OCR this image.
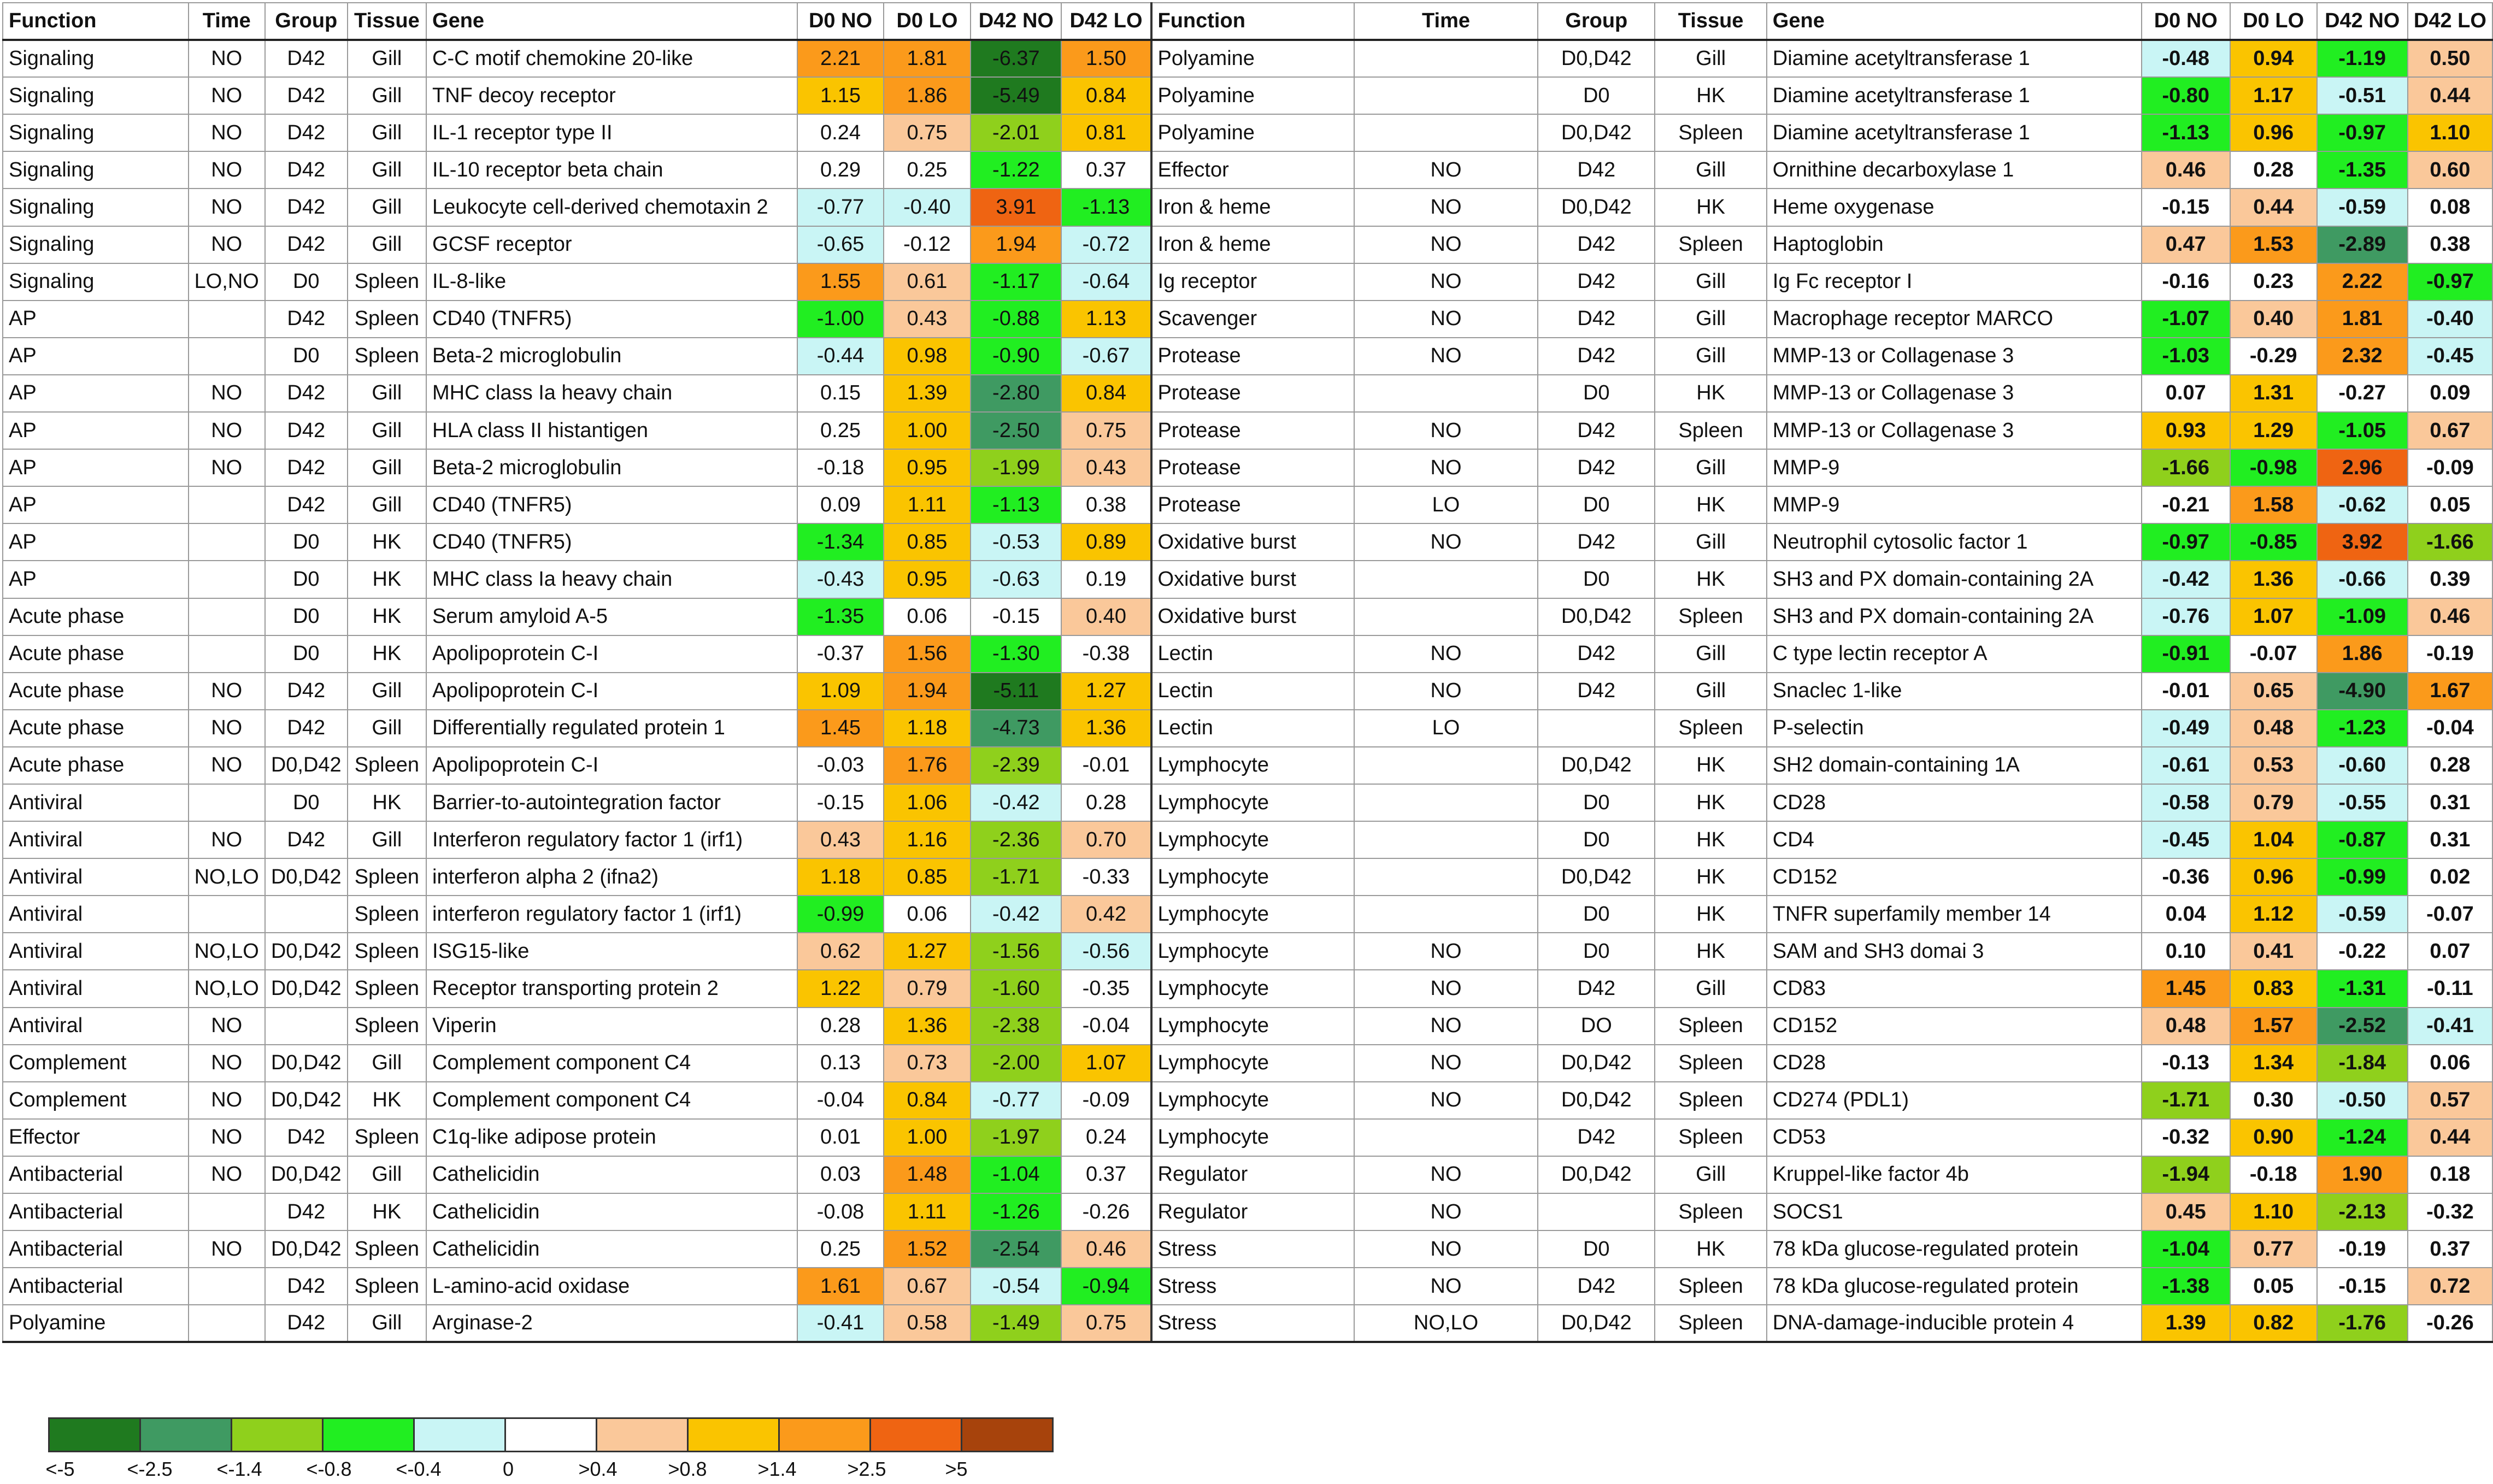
Function	Time	Group	Tissue	Gene	D0 NO	D0 LO	D42 NO	D42 LO	Function	Time	Group	Tissue	Gene	D0 NO	D0 LO	D42 NO	D42 LO
Signaling	NO	D42	Gill	C-C motif chemokine 20-like	2.21	1.81	-6.37	1.50	Polyamine		D0,D42	Gill	Diamine acetyltransferase 1	-0.48	0.94	-1.19	0.50
Signaling	NO	D42	Gill	TNF decoy receptor	1.15	1.86	-5.49	0.84	Polyamine		D0	HK	Diamine acetyltransferase 1	-0.80	1.17	-0.51	0.44
Signaling	NO	D42	Gill	IL-1 receptor type II	0.24	0.75	-2.01	0.81	Polyamine		D0,D42	Spleen	Diamine acetyltransferase 1	-1.13	0.96	-0.97	1.10
Signaling	NO	D42	Gill	IL-10 receptor beta chain	0.29	0.25	-1.22	0.37	Effector	NO	D42	Gill	Ornithine decarboxylase 1	0.46	0.28	-1.35	0.60
Signaling	NO	D42	Gill	Leukocyte cell-derived chemotaxin 2	-0.77	-0.40	3.91	-1.13	Iron & heme	NO	D0,D42	HK	Heme oxygenase	-0.15	0.44	-0.59	0.08
Signaling	NO	D42	Gill	GCSF receptor	-0.65	-0.12	1.94	-0.72	Iron & heme	NO	D42	Spleen	Haptoglobin	0.47	1.53	-2.89	0.38
Signaling	LO,NO	D0	Spleen	IL-8-like	1.55	0.61	-1.17	-0.64	Ig receptor	NO	D42	Gill	Ig Fc receptor I	-0.16	0.23	2.22	-0.97
AP		D42	Spleen	CD40 (TNFR5)	-1.00	0.43	-0.88	1.13	Scavenger	NO	D42	Gill	Macrophage receptor MARCO	-1.07	0.40	1.81	-0.40
AP		D0	Spleen	Beta-2 microglobulin	-0.44	0.98	-0.90	-0.67	Protease	NO	D42	Gill	MMP-13 or Collagenase 3	-1.03	-0.29	2.32	-0.45
AP	NO	D42	Gill	MHC class Ia heavy chain	0.15	1.39	-2.80	0.84	Protease		D0	HK	MMP-13 or Collagenase 3	0.07	1.31	-0.27	0.09
AP	NO	D42	Gill	HLA class II histantigen	0.25	1.00	-2.50	0.75	Protease	NO	D42	Spleen	MMP-13 or Collagenase 3	0.93	1.29	-1.05	0.67
AP	NO	D42	Gill	Beta-2 microglobulin	-0.18	0.95	-1.99	0.43	Protease	NO	D42	Gill	MMP-9	-1.66	-0.98	2.96	-0.09
AP		D42	Gill	CD40 (TNFR5)	0.09	1.11	-1.13	0.38	Protease	LO	D0	HK	MMP-9	-0.21	1.58	-0.62	0.05
AP		D0	HK	CD40 (TNFR5)	-1.34	0.85	-0.53	0.89	Oxidative burst	NO	D42	Gill	Neutrophil cytosolic factor 1	-0.97	-0.85	3.92	-1.66
AP		D0	HK	MHC class Ia heavy chain	-0.43	0.95	-0.63	0.19	Oxidative burst		D0	HK	SH3 and PX domain-containing 2A	-0.42	1.36	-0.66	0.39
Acute phase		D0	HK	Serum amyloid A-5	-1.35	0.06	-0.15	0.40	Oxidative burst		D0,D42	Spleen	SH3 and PX domain-containing 2A	-0.76	1.07	-1.09	0.46
Acute phase		D0	HK	Apolipoprotein C-I	-0.37	1.56	-1.30	-0.38	Lectin	NO	D42	Gill	C type lectin receptor A	-0.91	-0.07	1.86	-0.19
Acute phase	NO	D42	Gill	Apolipoprotein C-I	1.09	1.94	-5.11	1.27	Lectin	NO	D42	Gill	Snaclec 1-like	-0.01	0.65	-4.90	1.67
Acute phase	NO	D42	Gill	Differentially regulated protein 1	1.45	1.18	-4.73	1.36	Lectin	LO		Spleen	P-selectin	-0.49	0.48	-1.23	-0.04
Acute phase	NO	D0,D42	Spleen	Apolipoprotein C-I	-0.03	1.76	-2.39	-0.01	Lymphocyte		D0,D42	HK	SH2 domain-containing 1A	-0.61	0.53	-0.60	0.28
Antiviral		D0	HK	Barrier-to-autointegration factor	-0.15	1.06	-0.42	0.28	Lymphocyte		D0	HK	CD28	-0.58	0.79	-0.55	0.31
Antiviral	NO	D42	Gill	Interferon regulatory factor 1 (irf1)	0.43	1.16	-2.36	0.70	Lymphocyte		D0	HK	CD4	-0.45	1.04	-0.87	0.31
Antiviral	NO,LO	D0,D42	Spleen	interferon alpha 2 (ifna2)	1.18	0.85	-1.71	-0.33	Lymphocyte		D0,D42	HK	CD152	-0.36	0.96	-0.99	0.02
Antiviral			Spleen	interferon regulatory factor 1 (irf1)	-0.99	0.06	-0.42	0.42	Lymphocyte		D0	HK	TNFR superfamily member 14	0.04	1.12	-0.59	-0.07
Antiviral	NO,LO	D0,D42	Spleen	ISG15-like	0.62	1.27	-1.56	-0.56	Lymphocyte	NO	D0	HK	SAM and SH3 domai 3	0.10	0.41	-0.22	0.07
Antiviral	NO,LO	D0,D42	Spleen	Receptor transporting protein 2	1.22	0.79	-1.60	-0.35	Lymphocyte	NO	D42	Gill	CD83	1.45	0.83	-1.31	-0.11
Antiviral	NO		Spleen	Viperin	0.28	1.36	-2.38	-0.04	Lymphocyte	NO	DO	Spleen	CD152	0.48	1.57	-2.52	-0.41
Complement	NO	D0,D42	Gill	Complement component C4	0.13	0.73	-2.00	1.07	Lymphocyte	NO	D0,D42	Spleen	CD28	-0.13	1.34	-1.84	0.06
Complement	NO	D0,D42	HK	Complement component C4	-0.04	0.84	-0.77	-0.09	Lymphocyte	NO	D0,D42	Spleen	CD274 (PDL1)	-1.71	0.30	-0.50	0.57
Effector	NO	D42	Spleen	C1q-like adipose protein	0.01	1.00	-1.97	0.24	Lymphocyte		D42	Spleen	CD53	-0.32	0.90	-1.24	0.44
Antibacterial	NO	D0,D42	Gill	Cathelicidin	0.03	1.48	-1.04	0.37	Regulator	NO	D0,D42	Gill	Kruppel-like factor 4b	-1.94	-0.18	1.90	0.18
Antibacterial		D42	HK	Cathelicidin	-0.08	1.11	-1.26	-0.26	Regulator	NO		Spleen	SOCS1	0.45	1.10	-2.13	-0.32
Antibacterial	NO	D0,D42	Spleen	Cathelicidin	0.25	1.52	-2.54	0.46	Stress	NO	D0	HK	78 kDa glucose-regulated protein	-1.04	0.77	-0.19	0.37
Antibacterial		D42	Spleen	L-amino-acid oxidase	1.61	0.67	-0.54	-0.94	Stress	NO	D42	Spleen	78 kDa glucose-regulated protein	-1.38	0.05	-0.15	0.72
Polyamine		D42	Gill	Arginase-2	-0.41	0.58	-1.49	0.75	Stress	NO,LO	D0,D42	Spleen	DNA-damage-inducible protein 4	1.39	0.82	-1.76	-0.26

<-5	<-2.5 <-1.4 <-0.8 <-0.4	0	>0.4	>0.8	>1.4	>2.5	>5
